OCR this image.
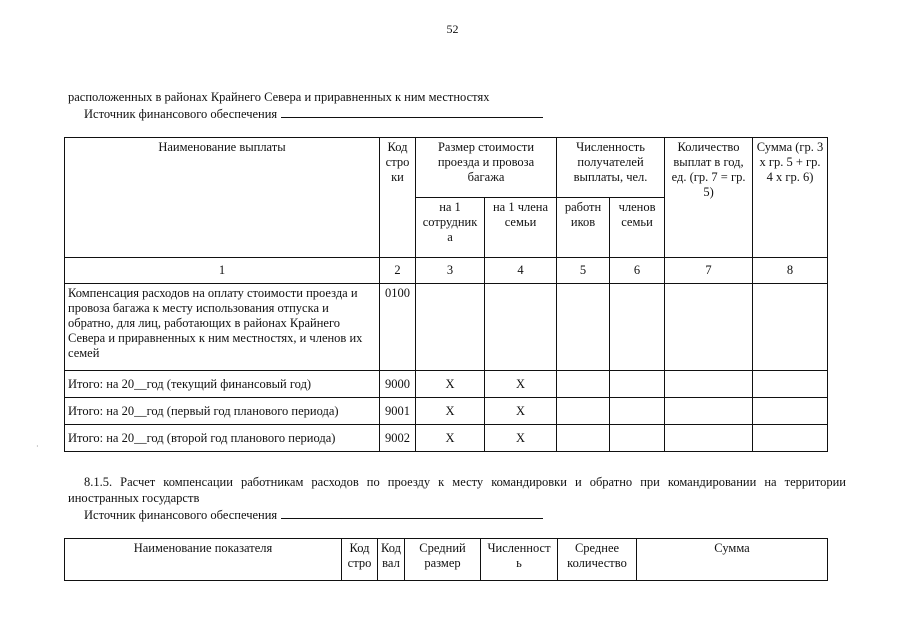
52
расположенных в районах Крайнего Севера и приравненных к ним местностях
Источник финансового обеспечения
Наименование выплаты	Код стро ки	Размер стоимости проезда и провоза багажа		Численность получателей выплаты, чел.		Количество выплат в год, ед. (гр. 7 = гр. 5)	Сумма (гр. 3 х гр. 5 + гр. 4 х гр. 6)
		на 1 сотрудник а	на 1 члена семьи	работн иков	членов семьи		
1	2	3	4	5	6	7	8
Компенсация расходов на оплату стоимости проезда и провоза багажа к месту использования отпуска и обратно, для лиц, работающих в районах Крайнего Севера и приравненных к ним местностях, и членов их семей	0100						
Итого: на 20__год (текущий финансовый год)	9000	X	X				
Итого: на 20__год (первый год планового периода)	9001	X	X				
Итого: на 20__год (второй год планового периода)	9002	X	X				
·
8.1.5. Расчет компенсации работникам расходов по проезду к месту командировки и обратно при командировании на территории иностранных государств
Источник финансового обеспечения
Наименование показателя	Код стро	Код вал	Средний размер	Численност ь	Среднее количество	Сумма
